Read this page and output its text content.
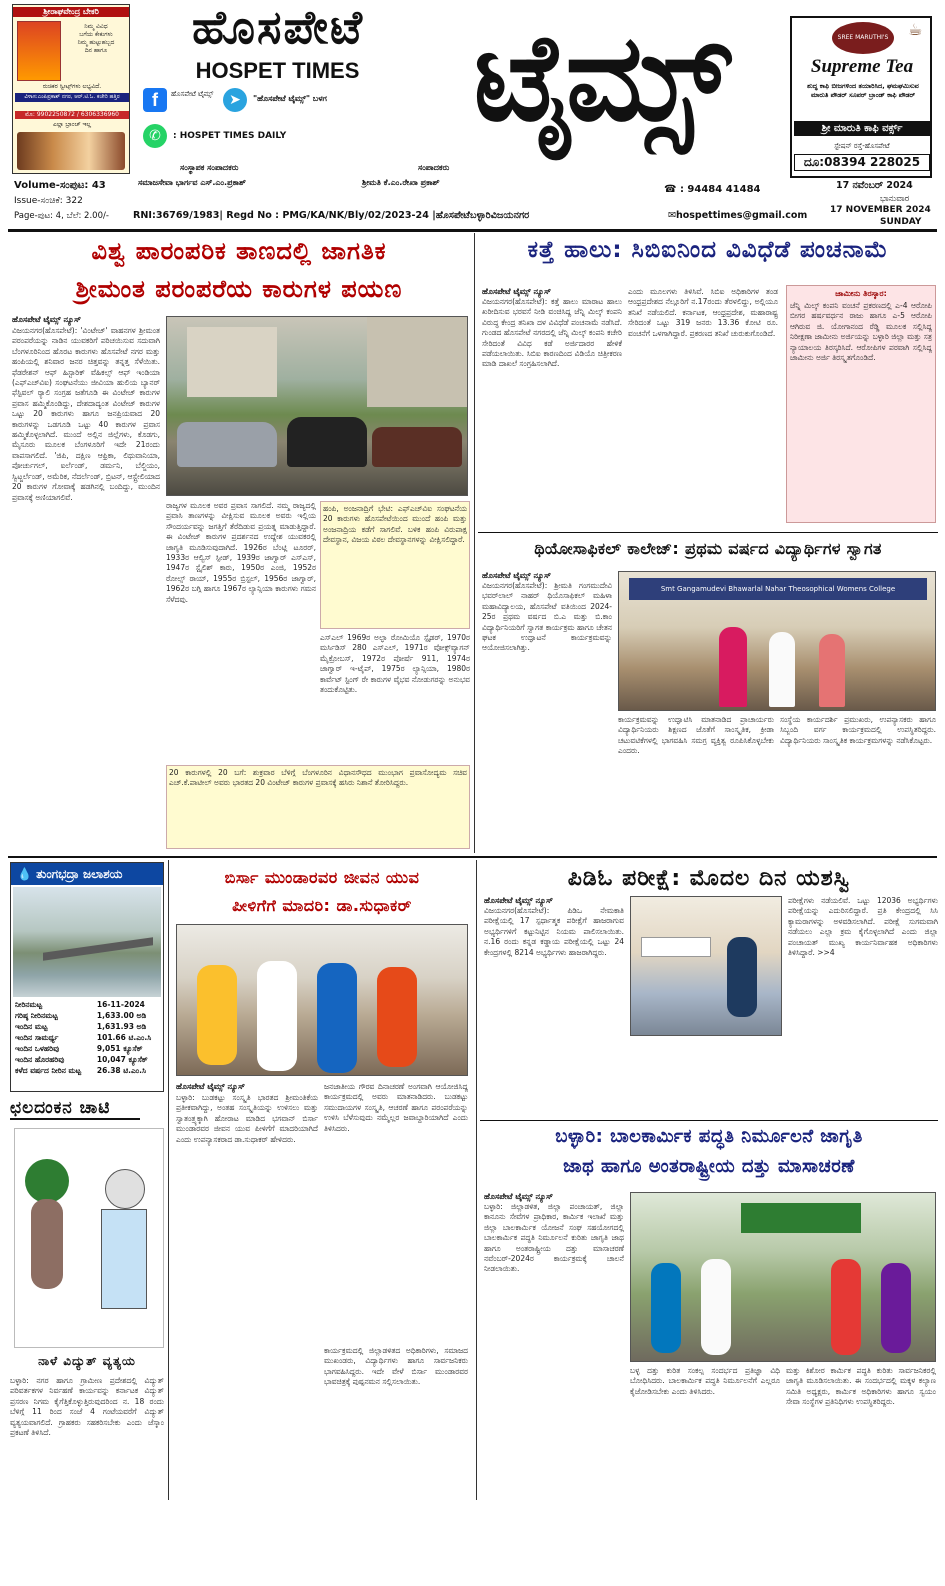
ಶ್ರೀರಾಘವೇಂದ್ರ ಬೇಕರಿ
ನಿಮ್ಮ ವಿವಿಧ
ಬಗೆಯ ಕೇಕುಗಳು
ನಿಮ್ಮ ಹುಟ್ಟುಹಬ್ಬದ
ದಿನ ಹಾಗೂ
ರುಚಿಕರ ಸ್ವೀಟ್ಸ್‌ಗಳು ಲಭ್ಯವಿದೆ.
ವಿಳಾಸ:ಎಂಪಿಪ್ರಕಾಶ್ ನಗರ, ಆರ್.ಟಿ.ಓ. ಕಚೇರಿ ಹತ್ತಿರ
ಮೊ: 9902250872 / 6306336960
ಎಲ್ಲಾ ಬ್ರಾಂಚ್ ಇಲ್ಲ
ಹೊಸಪೇಟೆ
HOSPET TIMES
f	ಹೊಸಪೇಟೆ ಟೈಮ್ಸ್	➤	"ಹೊಸಪೇಟೆ ಟೈಮ್ಸ್" ಬಳಗ
✆	: HOSPET TIMES DAILY	ಟೈಮ್ಸ್	☕
SREE MARUTHI'S
Supreme Tea
ಶುದ್ಧ ಕಾಫಿ ಬೀಜಗಳಿಂದ ತಯಾರಿಸಿದ, ಘಮಘಮಿಸುವ ಮಾರುತಿ ಪೌಡರ್ ಸೂಪರ್ ಬ್ರಾಂಡ್ ಕಾಫಿ ಪೌಡರ್
ಶ್ರೀ ಮಾರುತಿ ಕಾಫಿ ವರ್ಕ್ಸ್
ಸ್ಟೇಷನ್ ರಸ್ತೆ-ಹೊಸಪೇಟೆ
ದೂ:08394 228025
ಸಂಸ್ಥಾಪಕ ಸಂಪಾದಕರು	ಸಂಪಾದಕರು
ಸಮಾಜಸೇವಾ ಭಾರ್ಗವ ಎಸ್.ಎಂ.ಪ್ರಕಾಶ್	ಶ್ರೀಮತಿ ಕೆ.ಎಂ.ರೇಖಾ ಪ್ರಕಾಶ್
☎ : 94484 41484
Volume-ಸಂಪುಟ: 43
Issue-ಸಂಚಿಕೆ: 322
Page-ಪುಟ: 4, ಬೆಲೆ: 2.00/-	RNI:36769/1983| Regd No : PMG/KA/NK/Bly/02/2023-24 |ಹೊಸಪೇಟೆಬಳ್ಳಾರಿವಿಜಯನಗರ	✉hospettimes@gmail.com
17 ನವೆಂಬರ್ 2024
ಭಾನುವಾರ
17 NOVEMBER 2024
SUNDAY
ವಿಶ್ವ ಪಾರಂಪರಿಕ ತಾಣದಲ್ಲಿ ಜಾಗತಿಕ
ಶ್ರೀಮಂತ ಪರಂಪರೆಯ ಕಾರುಗಳ ಪಯಣ
ಹೊಸಪೇಟೆ ಟೈಮ್ಸ್ ನ್ಯೂಸ್
ವಿಜಯನಗರ(ಹೊಸಪೇಟೆ): 'ವಿಂಟೇಜ್' ವಾಹನಗಳ ಶ್ರೀಮಂತ ಪರಂಪರೆಯನ್ನು ನಾಡಿನ ಯುವಕರಿಗೆ ಪರಿಚಯಿಸುವ ಸದುವಾಗಿ ಬೆಂಗಳೂರಿನಿಂದ ಹೊರಟ ಕಾರುಗಳು ಹೊಸಪೇಟೆ ನಗರ ಮತ್ತು ಹಂಪಿಯಲ್ಲಿ ಶನಿವಾರ ಜನರ ಚಿತ್ತವನ್ನು ತನ್ನತ್ತ ಸೆಳೆಯಿತು. ಫೆಡರೇಶನ್ ಆಫ್ ಹಿಸ್ಟಾರಿಕ್ ವೆಹಿಕಲ್ಸ್ ಆಫ್ ಇಂಡಿಯಾ (ಎಫ್‌ಎಚ್‌ವಿಐ) ಸಂಘಟನೆಯು ಜೀವಿಯಾ ಹುಲಿಯ ಬ್ಯಾನರ್ ಫೆಸ್ಟಿವಲ್ ರ್‍ಯಾಲಿ ಸಂಗ್ರಹ ಜತೆಗೂಡಿ ಈ ವಿಂಟೇಜ್ ಕಾರುಗಳ ಪ್ರವಾಸ ಹಮ್ಮಿಕೊಂಡಿದ್ದು, ದೇಶದಾದ್ಯಂತ ವಿಂಟೇಜ್ ಕಾರುಗಳ ಒಟ್ಟು 20 ಕಾರುಗಳು ಹಾಗೂ ಜನಪ್ರಿಯವಾದ 20 ಕಾರುಗಳನ್ನು ಒಡಗೂಡಿ ಒಟ್ಟು 40 ಕಾರುಗಳ ಪ್ರವಾಸ ಹಮ್ಮಿಕೊಳ್ಳಲಾಗಿದೆ. ಮುಂದೆ ಅಲ್ಲಿನ ಜಿಲ್ಲೆಗಳು, ಕೊಡಗು, ಮೈಸೂರು ಮೂಲಕ ಬೆಂಗಳೂರಿಗೆ ಇದೇ 21ರಂದು ವಾಪಸಾಗಲಿದೆ. 'ಜಿಪಿ, ದಕ್ಷಿಣ ಆಫ್ರಿಕಾ, ಲಿಥುವಾನಿಯಾ, ಪೋರ್ಚುಗಲ್, ಐರ್ಲೆಂಡ್, ಡರ್ಮನಿ, ಬೆಲ್ಜಿಯಂ, ಸ್ವಿಟ್ಜರ್ಲೆಂಡ್, ಅಮೆರಿಕ, ನೆದರ್ಲೆಂಡ್, ಬ್ರಿಟನ್, ಆಸ್ಟ್ರೇಲಿಯಾದ 20 ಕಾರುಗಳ ಗೋವಾಕ್ಕೆ ಹಡಗಿನಲ್ಲಿ ಬಂದಿದ್ದು, ಮುಂದಿನ ಪ್ರವಾಸಕ್ಕೆ ಅಣಿಯಾಗಲಿವೆ.
ರಾಜ್ಯಗಳ ಮೂಲಕ ಅವರ ಪ್ರವಾಸ ಸಾಗಲಿದೆ. ನಮ್ಮ ರಾಜ್ಯದಲ್ಲಿ ಪ್ರವಾಸಿ ತಾಣಗಳನ್ನು ವೀಕ್ಷಿಸುವ ಮೂಲಕ ಅವರು ಇಲ್ಲಿಯ ಸೌಂದರ್ಯವನ್ನು ಜಗತ್ತಿಗೆ ತೆರೆದಿಡುವ ಪ್ರಯತ್ನ ಮಾಡುತ್ತಿದ್ದಾರೆ. ಈ ವಿಂಟೇಜ್ ಕಾರುಗಳ ಪ್ರದರ್ಶನದ ಉದ್ದೇಶ ಯುವಕರಲ್ಲಿ ಜಾಗೃತಿ ಮೂಡಿಸುವುದಾಗಿದೆ. 1926ರ ಬೆಂಟ್ಲಿ ಟೂರರ್, 1933ರ ಆಲ್ವಿಸ್ ಸ್ಪೀಡ್, 1939ರ ಜಾಗ್ವಾರ್ ಎಸ್ಎಸ್, 1947ರ ಸ್ಟೈಲಿಶ್ ಕಾರು, 1950ರ ಎಂಜಿ, 1952ರ ರೋಲ್ಸ್ ರಾಯ್, 1955ರ ಬ್ರಿಸ್ಟಲ್, 1956ರ ಜಾಗ್ವಾರ್, 1962ರ ಬಗ್ಗಿ ಹಾಗೂ 1967ರ ಲ್ಯಾನ್ಸಿಯಾ ಕಾರುಗಳು ಗಮನ ಸೆಳೆದವು.
ಹಂಪಿ, ಅಂಜನಾದ್ರಿಗೆ ಭೇಟಿ: ಎಫ್‌ಎಚ್‌ವಿಐ ಸಂಘಟನೆಯ 20 ಕಾರುಗಳು ಹೊಸಪೇಟೆಯಿಂದ ಮುಂದೆ ಹಂಪಿ ಮತ್ತು ಅಂಜನಾದ್ರಿಯ ಕಡೆಗೆ ಸಾಗಲಿವೆ. ಬಳಿಕ ಹಂಪಿ ವಿರುಪಾಕ್ಷ ದೇವಸ್ಥಾನ, ವಿಜಯ ವಿಠಲ ದೇವಸ್ಥಾನಗಳನ್ನು ವೀಕ್ಷಿಸಲಿದ್ದಾರೆ.
ಎಸ್ಎಲ್ 1969ರ ಅಲ್ಫಾ ರೋಮಿಯೊ ಸ್ಪೈಡರ್, 1970ರ ಮರ್ಸಿಡಿಸ್ 280 ಎಸ್‌ಎಲ್, 1971ರ ವೋಕ್ಸ್‌ವ್ಯಾಗನ್ ಮೈಕ್ರೋಬಸ್, 1972ರ ಪೋರ್ಷೆ 911, 1974ರ ಜಾಗ್ವಾರ್ ಇ-ಟೈಪ್, 1975ರ ಲ್ಯಾನ್ಸಿಯಾ, 1980ರ ಕಾರ್ವೆಟ್ ಸ್ಟಿಂಗ್ ರೇ ಕಾರುಗಳ ವೈಭವ ನೋಡುಗರನ್ನು ಅನುಭವ ತಂದುಕೊಟ್ಟಿತು.
20 ಕಾರುಗಳಲ್ಲಿ 20 ಬಗೆ: ಶುಕ್ರವಾರ ಬೆಳಿಗ್ಗೆ ಬೆಂಗಳೂರಿನ ವಿಧಾನಸೌಧದ ಮುಂಭಾಗ ಪ್ರವಾಸೋದ್ಯಮ ಸಚಿವ ಎಚ್.ಕೆ.ಪಾಟೀಲ್ ಅವರು ಭಾರತದ 20 ವಿಂಟೇಜ್ ಕಾರುಗಳ ಪ್ರವಾಸಕ್ಕೆ ಹಸಿರು ನಿಶಾನೆ ತೋರಿಸಿದ್ದರು.
ಕತ್ತೆ ಹಾಲು: ಸಿಬಿಐನಿಂದ ವಿವಿಧೆಡೆ ಪಂಚನಾಮೆ
ಹೊಸಪೇಟೆ ಟೈಮ್ಸ್ ನ್ಯೂಸ್
ವಿಜಯನಗರ(ಹೊಸಪೇಟೆ): ಕತ್ತೆ ಹಾಲು ಮಾರಾಟ ಹಾಲು ಖರೀದಿಸುವ ಭರವಸೆ ನೀಡಿ ವಂಚಿಸಿದ್ದ ಜೆನ್ನಿ ಮಿಲ್ಕ್ ಕಂಪನಿ ವಿರುದ್ಧ ಕೇಂದ್ರ ತನಿಖಾ ದಳ ವಿವಿಧೆಡೆ ಪಂಚನಾಮೆ ನಡೆಸಿದೆ. ಗುಂಡದ ಹೊಸಪೇಟೆ ನಗರದಲ್ಲಿ ಜೆನ್ನಿ ಮಿಲ್ಕ್ ಕಂಪನಿ ಕಚೇರಿ ಸೇರಿದಂತೆ ವಿವಿಧ ಕಡೆ ಅರ್ಜಿದಾರರ ಹೇಳಿಕೆ ಪಡೆಯಲಾಯಿತು. ಸಿಬಿಐ ಕಾರಣದಿಂದ ವಿಡಿಯೊ ಚಿತ್ರೀಕರಣ ಮಾಡಿ ದಾಖಲೆ ಸಂಗ್ರಹಿಸಲಾಗಿದೆ.
ಎಂದು ಮೂಲಗಳು ತಿಳಿಸಿವೆ. ಸಿಬಿಐ ಅಧಿಕಾರಿಗಳ ತಂಡ ಆಂಧ್ರಪ್ರದೇಶದ ನೆಲ್ಲೂರಿಗೆ ನ.17ರಂದು ತೆರಳಲಿದ್ದು, ಅಲ್ಲಿಯೂ ತನಿಖೆ ನಡೆಯಲಿದೆ. ಕರ್ನಾಟಕ, ಆಂಧ್ರಪ್ರದೇಶ, ಮಹಾರಾಷ್ಟ್ರ ಸೇರಿದಂತೆ ಒಟ್ಟು 319 ಜನರು 13.36 ಕೋಟಿ ರೂ. ವಂಚನೆಗೆ ಒಳಗಾಗಿದ್ದಾರೆ. ಪ್ರಕರಣದ ತನಿಖೆ ಚುರುಕುಗೊಂಡಿದೆ.
ಜಾಮೀನು ತಿರಸ್ಕಾರ:
ಜೆನ್ನಿ ಮಿಲ್ಕ್ ಕಂಪನಿ ವಂಚನೆ ಪ್ರಕರಣದಲ್ಲಿ ಎ-4 ಆರೋಪಿ ಬೀಗರ ಹರ್ಷವರ್ಧನ ರಾಜು ಹಾಗೂ ಎ-5 ಆರೋಪಿ ಆಗಿರುವ ಜಿ. ಯೋಗಾನಂದ ರೆಡ್ಡಿ ಮೂಲಕ ಸಲ್ಲಿಸಿದ್ದ ನಿರೀಕ್ಷಣಾ ಜಾಮೀನು ಅರ್ಜಿಯನ್ನು ಬಳ್ಳಾರಿ ಜಿಲ್ಲಾ ಮತ್ತು ಸತ್ರ ನ್ಯಾಯಾಲಯ ತಿರಸ್ಕರಿಸಿದೆ. ಆರೋಪಿಗಳ ಪರವಾಗಿ ಸಲ್ಲಿಸಿದ್ದ ಜಾಮೀನು ಅರ್ಜಿ ತಿರಸ್ಕೃತಗೊಂಡಿದೆ.
ಥಿಯೋಸಾಫಿಕಲ್ ಕಾಲೇಜ್: ಪ್ರಥಮ ವರ್ಷದ ವಿದ್ಯಾರ್ಥಿಗಳ ಸ್ವಾಗತ
ಹೊಸಪೇಟೆ ಟೈಮ್ಸ್ ನ್ಯೂಸ್
ವಿಜಯನಗರ(ಹೊಸಪೇಟೆ): ಶ್ರೀಮತಿ ಗಂಗಮುದೇವಿ ಭವರ್‌ಲಾಲ್ ನಾಹರ್ ಥಿಯೊಸಾಫಿಕಲ್ ಮಹಿಳಾ ಮಹಾವಿದ್ಯಾಲಯ, ಹೊಸಪೇಟೆ ವತಿಯಿಂದ 2024-25ರ ಪ್ರಥಮ ವರ್ಷದ ಬಿ.ಎ ಮತ್ತು ಬಿ.ಕಾಂ ವಿದ್ಯಾರ್ಥಿನಿಯರಿಗೆ ಸ್ವಾಗತ ಕಾರ್ಯಕ್ರಮ ಹಾಗೂ ಚೇತನ ಘಟಕ ಉದ್ಘಾಟನೆ ಕಾರ್ಯಕ್ರಮವನ್ನು ಆಯೋಜಿಸಲಾಗಿತ್ತು.
Smt Gangamudevi Bhawarlal Nahar Theosophical Womens College
ಕಾರ್ಯಕ್ರಮವನ್ನು ಉದ್ಘಾಟಿಸಿ ಮಾತನಾಡಿದ ಪ್ರಾಚಾರ್ಯರು ವಿದ್ಯಾರ್ಥಿನಿಯರು ಶಿಕ್ಷಣದ ಜೊತೆಗೆ ಸಾಂಸ್ಕೃತಿಕ, ಕ್ರೀಡಾ ಚಟುವಟಿಕೆಗಳಲ್ಲಿ ಭಾಗವಹಿಸಿ ಸಮಗ್ರ ವ್ಯಕ್ತಿತ್ವ ರೂಪಿಸಿಕೊಳ್ಳಬೇಕು ಎಂದರು.
ಸಂಸ್ಥೆಯ ಕಾರ್ಯದರ್ಶಿ ಪ್ರಮುಖರು, ಉಪನ್ಯಾಸಕರು ಹಾಗೂ ಸಿಬ್ಬಂದಿ ವರ್ಗ ಕಾರ್ಯಕ್ರಮದಲ್ಲಿ ಉಪಸ್ಥಿತರಿದ್ದರು. ವಿದ್ಯಾರ್ಥಿನಿಯರು ಸಾಂಸ್ಕೃತಿಕ ಕಾರ್ಯಕ್ರಮಗಳನ್ನು ನಡೆಸಿಕೊಟ್ಟರು.
💧 ತುಂಗಭದ್ರಾ ಜಲಾಶಯ
ನೀರಿನಮಟ್ಟ	16-11-2024
ಗರಿಷ್ಠ ನೀರಿನಮಟ್ಟ	1,633.00 ಅಡಿ
ಇಂದಿನ ಮಟ್ಟ	1,631.93 ಅಡಿ
ಇಂದಿನ ಸಾಮರ್ಥ್ಯ	101.66 ಟಿ.ಎಂ.ಸಿ
ಇಂದಿನ ಒಳಹರಿವು	9,051 ಕ್ಯೂಸೆಕ್
ಇಂದಿನ ಹೊರಹರಿವು	10,047 ಕ್ಯೂಸೆಕ್
ಕಳೆದ ವರ್ಷದ ನೀರಿನ ಮಟ್ಟ	26.38 ಟಿ.ಎಂ.ಸಿ
ಛಲದಂಕನ ಚಾಟಿ
ನಾಳೆ ವಿದ್ಯುತ್ ವ್ಯತ್ಯಯ
ಬಳ್ಳಾರಿ: ನಗರ ಹಾಗೂ ಗ್ರಾಮೀಣ ಪ್ರದೇಶದಲ್ಲಿ ವಿದ್ಯುತ್ ಪರಿವರ್ತಕಗಳ ನಿರ್ವಹಣೆ ಕಾರ್ಯವನ್ನು ಕರ್ನಾಟಕ ವಿದ್ಯುತ್ ಪ್ರಸರಣ ನಿಗಮ ಕೈಗೆತ್ತಿಕೊಳ್ಳುತ್ತಿರುವುದರಿಂದ ನ. 18 ರಂದು ಬೆಳಿಗ್ಗೆ 11 ರಿಂದ ಸಂಜೆ 4 ಗಂಟೆಯವರೆಗೆ ವಿದ್ಯುತ್ ವ್ಯತ್ಯಯವಾಗಲಿದೆ. ಗ್ರಾಹಕರು ಸಹಕರಿಸಬೇಕು ಎಂದು ಜೆಸ್ಕಾಂ ಪ್ರಕಟಣೆ ತಿಳಿಸಿದೆ.
ಬಿರ್ಸಾ ಮುಂಡಾರವರ ಜೀವನ ಯುವ
ಪೀಳಿಗೆಗೆ ಮಾದರಿ: ಡಾ.ಸುಧಾಕರ್
ಹೊಸಪೇಟೆ ಟೈಮ್ಸ್ ನ್ಯೂಸ್
ಬಳ್ಳಾರಿ: ಬುಡಕಟ್ಟು ಸಂಸ್ಕೃತಿ ಭಾರತದ ಶ್ರೀಮಂತಿಕೆಯ ಪ್ರತೀಕವಾಗಿದ್ದು, ಅಂತಹ ಸಂಸ್ಕೃತಿಯನ್ನು ಉಳಿಸಲು ಮತ್ತು ಸ್ವಾತಂತ್ರ್ಯಕ್ಕಾಗಿ ಹೋರಾಟ ಮಾಡಿದ ಭಗವಾನ್ ಬಿರ್ಸಾ ಮುಂಡಾರವರ ಜೀವನ ಯುವ ಪೀಳಿಗೆಗೆ ಮಾದರಿಯಾಗಿದೆ ಎಂದು ಉಪನ್ಯಾಸಕರಾದ ಡಾ.ಸುಧಾಕರ್ ಹೇಳಿದರು.
ಜನಜಾತೀಯ ಗೌರವ ದಿನಾಚರಣೆ ಅಂಗವಾಗಿ ಆಯೋಜಿಸಿದ್ದ ಕಾರ್ಯಕ್ರಮದಲ್ಲಿ ಅವರು ಮಾತನಾಡಿದರು. ಬುಡಕಟ್ಟು ಸಮುದಾಯಗಳ ಸಂಸ್ಕೃತಿ, ಆಚರಣೆ ಹಾಗೂ ಪರಂಪರೆಯನ್ನು ಉಳಿಸಿ ಬೆಳೆಸುವುದು ನಮ್ಮೆಲ್ಲರ ಜವಾಬ್ದಾರಿಯಾಗಿದೆ ಎಂದು ತಿಳಿಸಿದರು.
ಕಾರ್ಯಕ್ರಮದಲ್ಲಿ ಜಿಲ್ಲಾಡಳಿತದ ಅಧಿಕಾರಿಗಳು, ಸಮಾಜದ ಮುಖಂಡರು, ವಿದ್ಯಾರ್ಥಿಗಳು ಹಾಗೂ ಸಾರ್ವಜನಿಕರು ಭಾಗವಹಿಸಿದ್ದರು. ಇದೇ ವೇಳೆ ಬಿರ್ಸಾ ಮುಂಡಾರವರ ಭಾವಚಿತ್ರಕ್ಕೆ ಪುಷ್ಪನಮನ ಸಲ್ಲಿಸಲಾಯಿತು.
ಪಿಡಿಓ ಪರೀಕ್ಷೆ: ಮೊದಲ ದಿನ ಯಶಸ್ವಿ
ಹೊಸಪೇಟೆ ಟೈಮ್ಸ್ ನ್ಯೂಸ್
ವಿಜಯನಗರ(ಹೊಸಪೇಟೆ): ಪಿಡಿಒ ನೇಮಕಾತಿ ಪರೀಕ್ಷೆಯಲ್ಲಿ 17 ಸ್ಪರ್ಧಾತ್ಮಕ ಪರೀಕ್ಷೆಗೆ ಹಾಜರಾಗುವ ಅಭ್ಯರ್ಥಿಗಳಿಗೆ ಕಟ್ಟುನಿಟ್ಟಿನ ನಿಯಮ ಪಾಲಿಸಲಾಯಿತು. ನ.16 ರಂದು ಕನ್ನಡ ಕಡ್ಡಾಯ ಪರೀಕ್ಷೆಯಲ್ಲಿ ಒಟ್ಟು 24 ಕೇಂದ್ರಗಳಲ್ಲಿ 8214 ಅಭ್ಯರ್ಥಿಗಳು ಹಾಜರಾಗಿದ್ದರು.
ಪರೀಕ್ಷೆಗಳು ನಡೆಯಲಿವೆ. ಒಟ್ಟು 12036 ಅಭ್ಯರ್ಥಿಗಳು ಪರೀಕ್ಷೆಯನ್ನು ಎದುರಿಸಲಿದ್ದಾರೆ. ಪ್ರತಿ ಕೇಂದ್ರದಲ್ಲಿ ಸಿಸಿ ಕ್ಯಾಮರಾಗಳನ್ನು ಅಳವಡಿಸಲಾಗಿದೆ. ಪರೀಕ್ಷೆ ಸುಗಮವಾಗಿ ನಡೆಯಲು ಎಲ್ಲಾ ಕ್ರಮ ಕೈಗೊಳ್ಳಲಾಗಿದೆ ಎಂದು ಜಿಲ್ಲಾ ಪಂಚಾಯತ್ ಮುಖ್ಯ ಕಾರ್ಯನಿರ್ವಾಹಕ ಅಧಿಕಾರಿಗಳು ತಿಳಿಸಿದ್ದಾರೆ. >>4
ಬಳ್ಳಾರಿ: ಬಾಲಕಾರ್ಮಿಕ ಪದ್ಧತಿ ನಿರ್ಮೂಲನೆ ಜಾಗೃತಿ
ಜಾಥ ಹಾಗೂ ಅಂತರಾಷ್ಟ್ರೀಯ ದತ್ತು ಮಾಸಾಚರಣೆ
ಹೊಸಪೇಟೆ ಟೈಮ್ಸ್ ನ್ಯೂಸ್
ಬಳ್ಳಾರಿ: ಜಿಲ್ಲಾಡಳಿತ, ಜಿಲ್ಲಾ ಪಂಚಾಯತ್, ಜಿಲ್ಲಾ ಕಾನೂನು ಸೇವೆಗಳ ಪ್ರಾಧಿಕಾರ, ಕಾರ್ಮಿಕ ಇಲಾಖೆ ಮತ್ತು ಜಿಲ್ಲಾ ಬಾಲಕಾರ್ಮಿಕ ಯೋಜನೆ ಸಂಘ ಸಹಯೋಗದಲ್ಲಿ ಬಾಲಕಾರ್ಮಿಕ ಪದ್ಧತಿ ನಿರ್ಮೂಲನೆ ಕುರಿತು ಜಾಗೃತಿ ಜಾಥ ಹಾಗೂ ಅಂತರಾಷ್ಟ್ರೀಯ ದತ್ತು ಮಾಸಾಚರಣೆ ನವೆಂಬರ್-2024ರ ಕಾರ್ಯಕ್ರಮಕ್ಕೆ ಚಾಲನೆ ನೀಡಲಾಯಿತು.
ಬಳ್ಳ ದತ್ತು ಕುರಿತ ಸಂಕಲ್ಪ ಸಂದರ್ಭದ ಪ್ರತಿಜ್ಞಾ ವಿಧಿ ಬೋಧಿಸಿದರು. ಬಾಲಕಾರ್ಮಿಕ ಪದ್ಧತಿ ನಿರ್ಮೂಲನೆಗೆ ಎಲ್ಲರೂ ಕೈಜೋಡಿಸಬೇಕು ಎಂದು ತಿಳಿಸಿದರು.
ಮತ್ತು ಕಿಶೋರ ಕಾರ್ಮಿಕ ಪದ್ಧತಿ ಕುರಿತು ಸಾರ್ವಜನಿಕರಲ್ಲಿ ಜಾಗೃತಿ ಮೂಡಿಸಲಾಯಿತು. ಈ ಸಂದರ್ಭದಲ್ಲಿ ಮಕ್ಕಳ ಕಲ್ಯಾಣ ಸಮಿತಿ ಅಧ್ಯಕ್ಷರು, ಕಾರ್ಮಿಕ ಅಧಿಕಾರಿಗಳು ಹಾಗೂ ಸ್ವಯಂ ಸೇವಾ ಸಂಸ್ಥೆಗಳ ಪ್ರತಿನಿಧಿಗಳು ಉಪಸ್ಥಿತರಿದ್ದರು.
